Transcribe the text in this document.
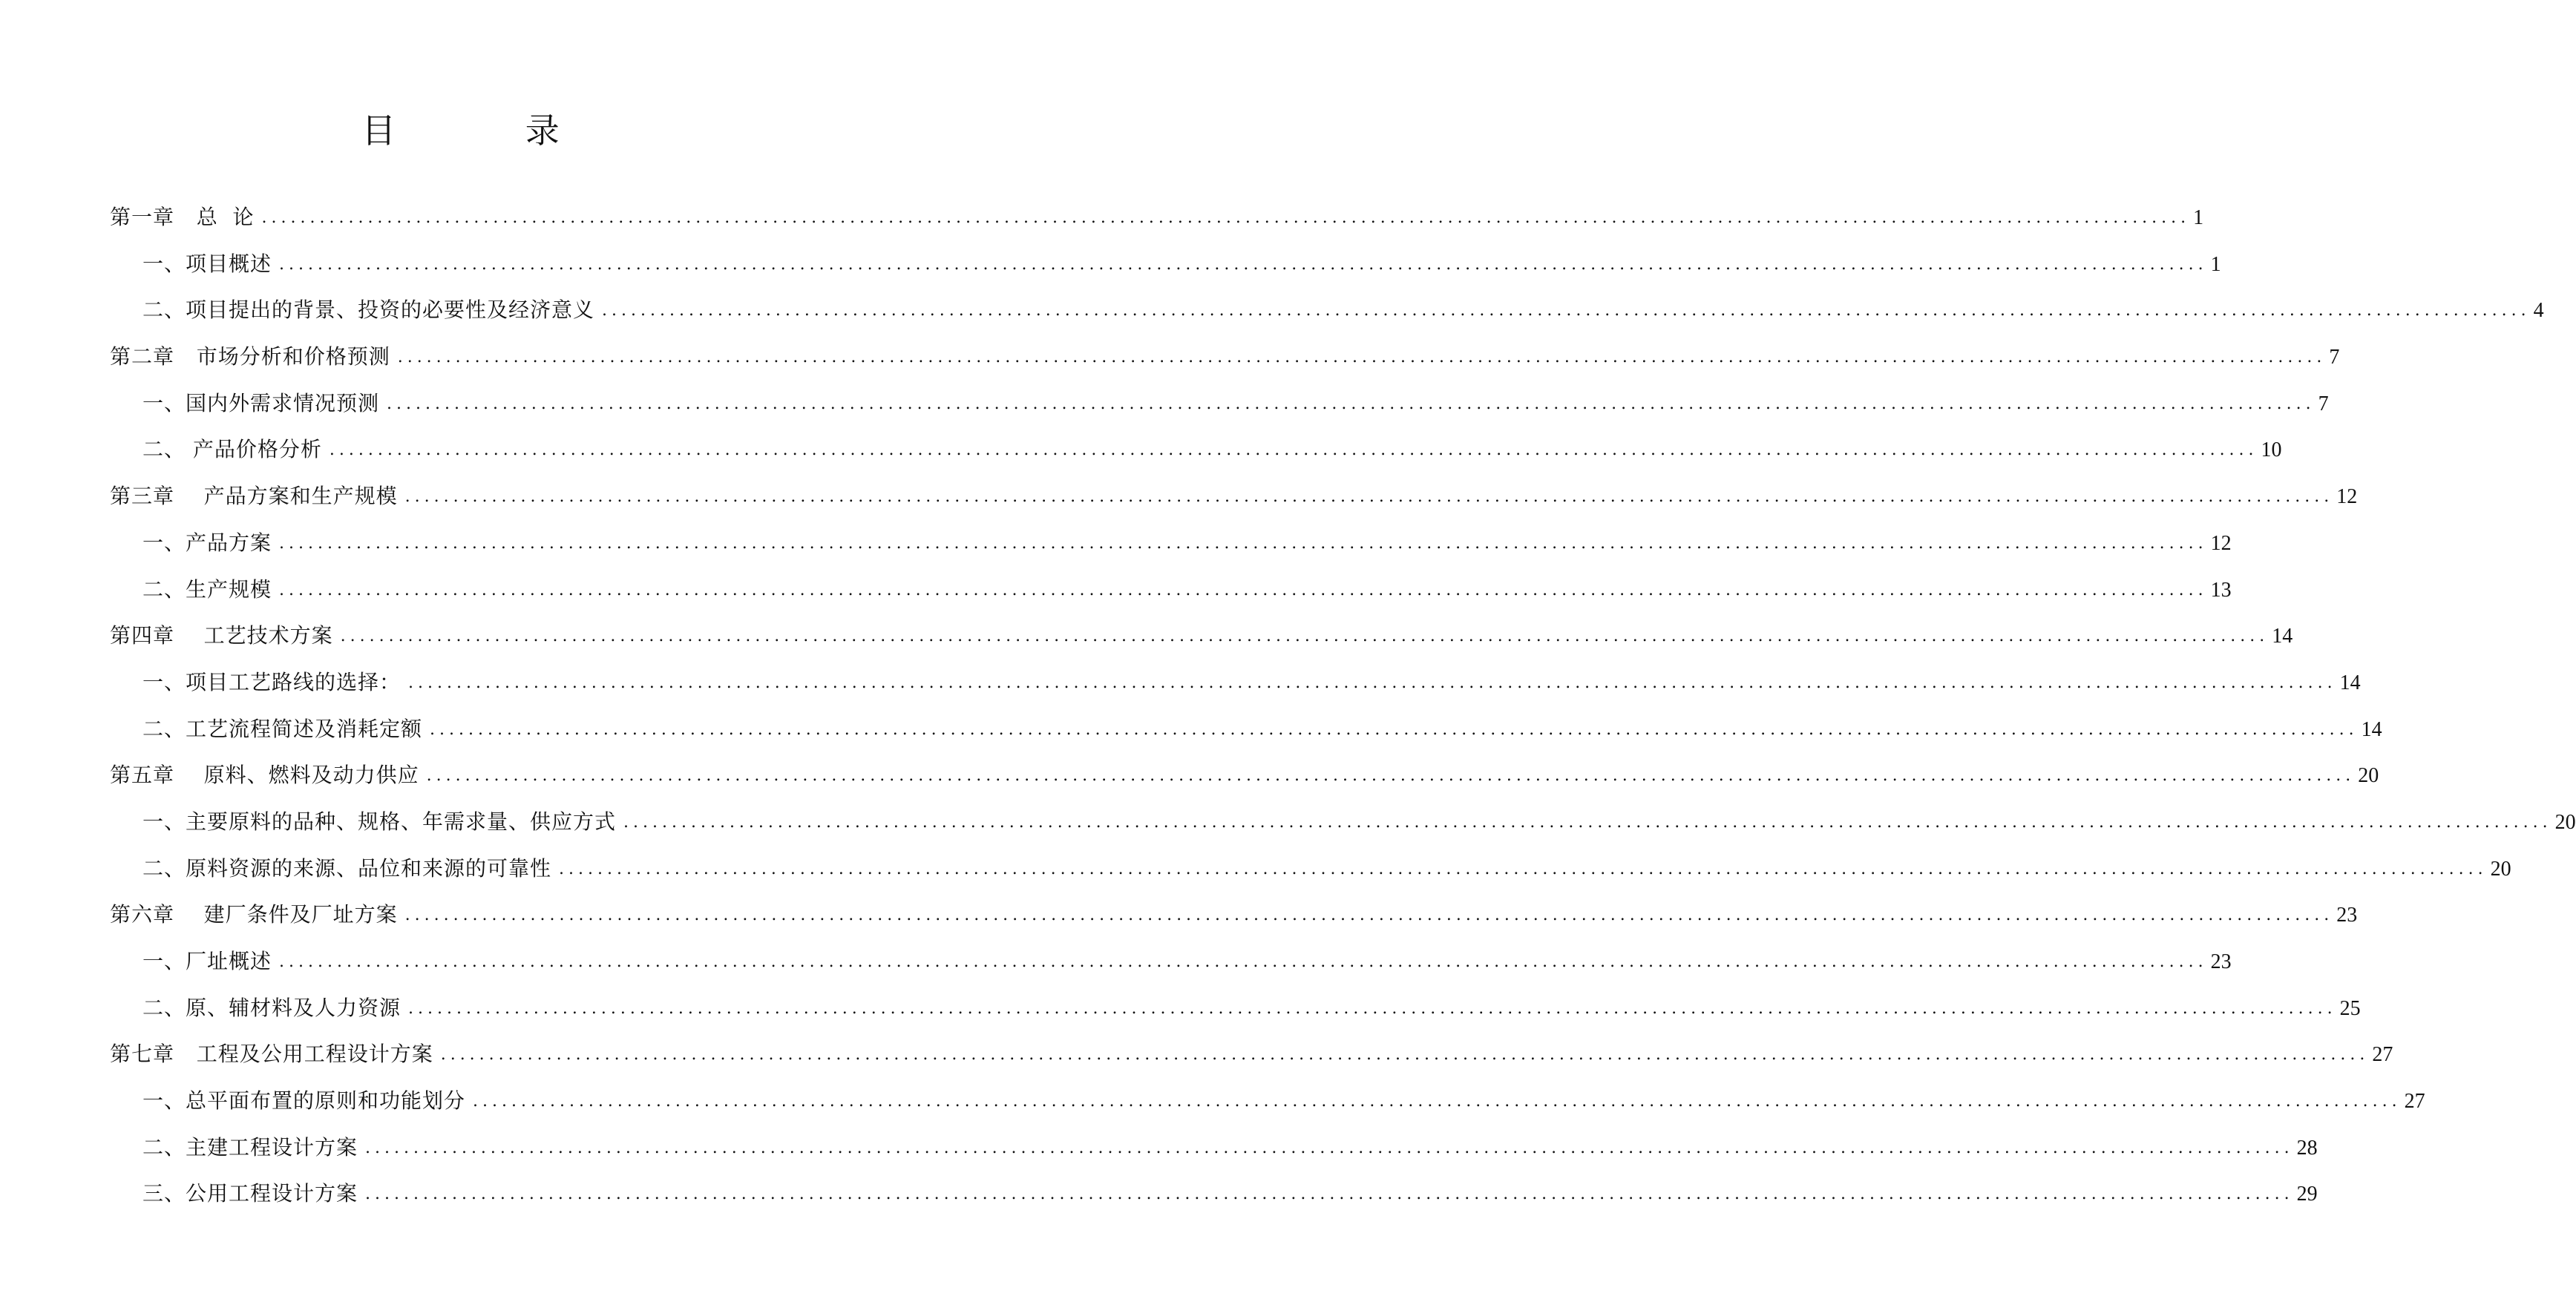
目 录
第一章   总  论 ........................................................................................................................................................................................................ 1
一、项目概述 ........................................................................................................................................................................................................ 1
二、项目提出的背景、投资的必要性及经济意义 ........................................................................................................................................................................................................ 4
第二章   市场分析和价格预测 ........................................................................................................................................................................................................ 7
一、国内外需求情况预测 ........................................................................................................................................................................................................ 7
二、 产品价格分析 ........................................................................................................................................................................................................ 10
第三章    产品方案和生产规模 ........................................................................................................................................................................................................ 12
一、产品方案 ........................................................................................................................................................................................................ 12
二、生产规模 ........................................................................................................................................................................................................ 13
第四章    工艺技术方案 ........................................................................................................................................................................................................ 14
一、项目工艺路线的选择： ........................................................................................................................................................................................................ 14
二、工艺流程简述及消耗定额 ........................................................................................................................................................................................................ 14
第五章    原料、燃料及动力供应 ........................................................................................................................................................................................................ 20
一、主要原料的品种、规格、年需求量、供应方式 ........................................................................................................................................................................................................ 20
二、原料资源的来源、品位和来源的可靠性 ........................................................................................................................................................................................................ 20
第六章    建厂条件及厂址方案 ........................................................................................................................................................................................................ 23
一、厂址概述 ........................................................................................................................................................................................................ 23
二、原、辅材料及人力资源 ........................................................................................................................................................................................................ 25
第七章   工程及公用工程设计方案 ........................................................................................................................................................................................................ 27
一、总平面布置的原则和功能划分 ........................................................................................................................................................................................................ 27
二、主建工程设计方案 ........................................................................................................................................................................................................ 28
三、公用工程设计方案 ........................................................................................................................................................................................................ 29
